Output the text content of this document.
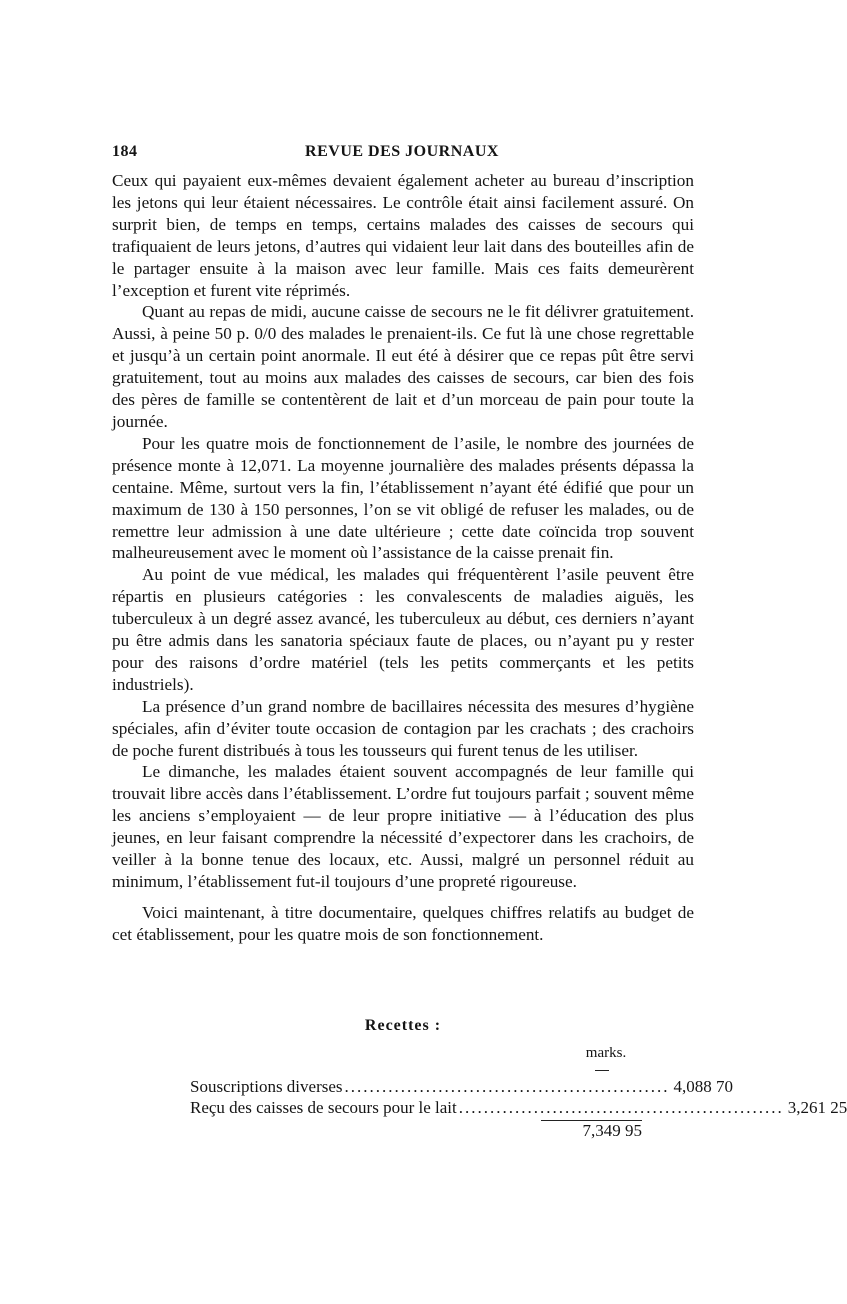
184	REVUE DES JOURNAUX

Ceux qui payaient eux-mêmes devaient également acheter au bureau d’inscription les jetons qui leur étaient nécessaires. Le contrôle était ainsi facilement assuré. On surprit bien, de temps en temps, certains malades des caisses de secours qui trafiquaient de leurs jetons, d’autres qui vidaient leur lait dans des bouteilles afin de le partager ensuite à la maison avec leur famille. Mais ces faits demeurèrent l’exception et furent vite réprimés.

Quant au repas de midi, aucune caisse de secours ne le fit délivrer gratuitement. Aussi, à peine 50 p. 0/0 des malades le prenaient-ils. Ce fut là une chose regrettable et jusqu’à un certain point anormale. Il eut été à désirer que ce repas pût être servi gratuitement, tout au moins aux malades des caisses de secours, car bien des fois des pères de famille se contentèrent de lait et d’un morceau de pain pour toute la journée.

Pour les quatre mois de fonctionnement de l’asile, le nombre des journées de présence monte à 12,071. La moyenne journalière des malades présents dépassa la centaine. Même, surtout vers la fin, l’établissement n’ayant été édifié que pour un maximum de 130 à 150 personnes, l’on se vit obligé de refuser les malades, ou de remettre leur admission à une date ultérieure ; cette date coïncida trop souvent malheureusement avec le moment où l’assistance de la caisse prenait fin.

Au point de vue médical, les malades qui fréquentèrent l’asile peuvent être répartis en plusieurs catégories : les convalescents de maladies aiguës, les tuberculeux à un degré assez avancé, les tuberculeux au début, ces derniers n’ayant pu être admis dans les sanatoria spéciaux faute de places, ou n’ayant pu y rester pour des raisons d’ordre matériel (tels les petits commerçants et les petits industriels).

La présence d’un grand nombre de bacillaires nécessita des mesures d’hygiène spéciales, afin d’éviter toute occasion de contagion par les crachats ; des crachoirs de poche furent distribués à tous les tousseurs qui furent tenus de les utiliser.

Le dimanche, les malades étaient souvent accompagnés de leur famille qui trouvait libre accès dans l’établissement. L’ordre fut toujours parfait ; souvent même les anciens s’employaient — de leur propre initiative — à l’éducation des plus jeunes, en leur faisant comprendre la nécessité d’expectorer dans les crachoirs, de veiller à la bonne tenue des locaux, etc. Aussi, malgré un personnel réduit au minimum, l’établissement fut-il toujours d’une propreté rigoureuse.

Voici maintenant, à titre documentaire, quelques chiffres relatifs au budget de cet établissement, pour les quatre mois de son fonctionnement.

Recettes :
marks.
Souscriptions diverses .................................................... 4,088 70
Reçu des caisses de secours pour le lait .................................................... 3,261 25
7,349 95
